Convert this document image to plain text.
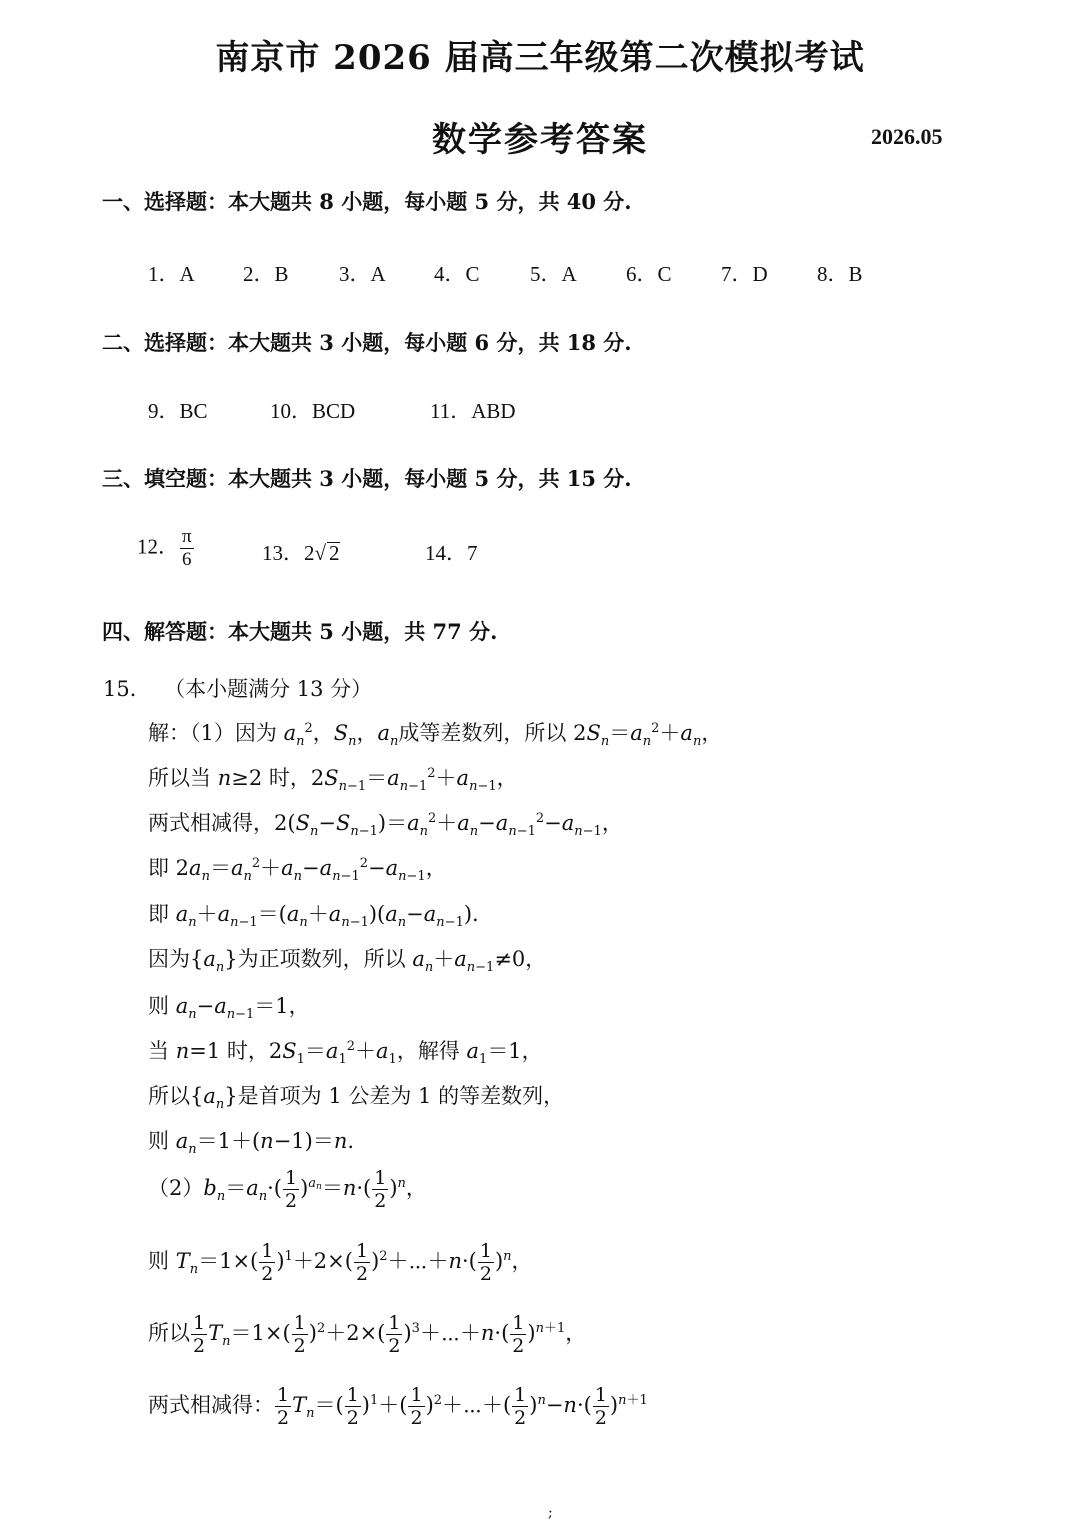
南京市 2026 届高三年级第二次模拟考试
数学参考答案	2026.05
一、选择题：本大题共 8 小题，每小题 5 分，共 40 分.
1．A 2．B 3．A 4．C 5．A 6．C 7．D 8．B
二、选择题：本大题共 3 小题，每小题 6 分，共 18 分.
9．BC	10．BCD	11．ABD
三、填空题：本大题共 3 小题，每小题 5 分，共 15 分.
12． $\frac{\pi}{6}$	13．2√ 2	14．7
四、解答题：本大题共 5 小题，共 77 分.
15． （本小题满分 13 分）
解：（1）因为 $a_n^2$，$S_n$，$a_n$成等差数列，所以 $2S_n=a_n^2+a_n$，
所以当 n≥2 时，$2S_{n-1}=a_{n-1}^2+a_{n-1}$，
两式相减得，$2(S_n-S_{n-1})=a_n^2+a_n-a_{n-1}^2-a_{n-1}$，
即 $2a_n=a_n^2+a_n-a_{n-1}^2-a_{n-1}$，
即 $a_n+a_{n-1}=(a_n+a_{n-1})(a_n-a_{n-1})$.
因为$\{a_n\}$为正项数列，所以 $a_n+a_{n-1}\ne 0$，
则 $a_n-a_{n-1}=1$，
当 n=1 时，$2S_1=a_1^2+a_1$，解得 $a_1=1$，
所以$\{a_n\}$是首项为 1 公差为 1 的等差数列，
则 $a_n=1+(n-1)=n$.
$(2)b_n=a_n\cdot( \frac{1}{2} )^{a_n}=n\cdot( \frac{1}{2} )^n$，
则 $T_n=1\times( \frac{1}{2} )^1+2\times( \frac{1}{2}$ )$^2+\cdots+n\cdot( \frac{1}{2} )^n$，
所以 $\frac{1}{2} T_n=1\times( \frac{1}{2} )^2+2\times( \frac{1}{2}$ )$^3+\cdots+n\cdot( \frac{1}{2} )^{n+1}$，
两式相减得： $\frac{1}{2} T_n=( \frac{1}{2} )^1+( \frac{1}{2}$ )$^2+\cdots+( \frac{1}{2} )^n-n\cdot( \frac{1}{2} )^{n+1}$
;
